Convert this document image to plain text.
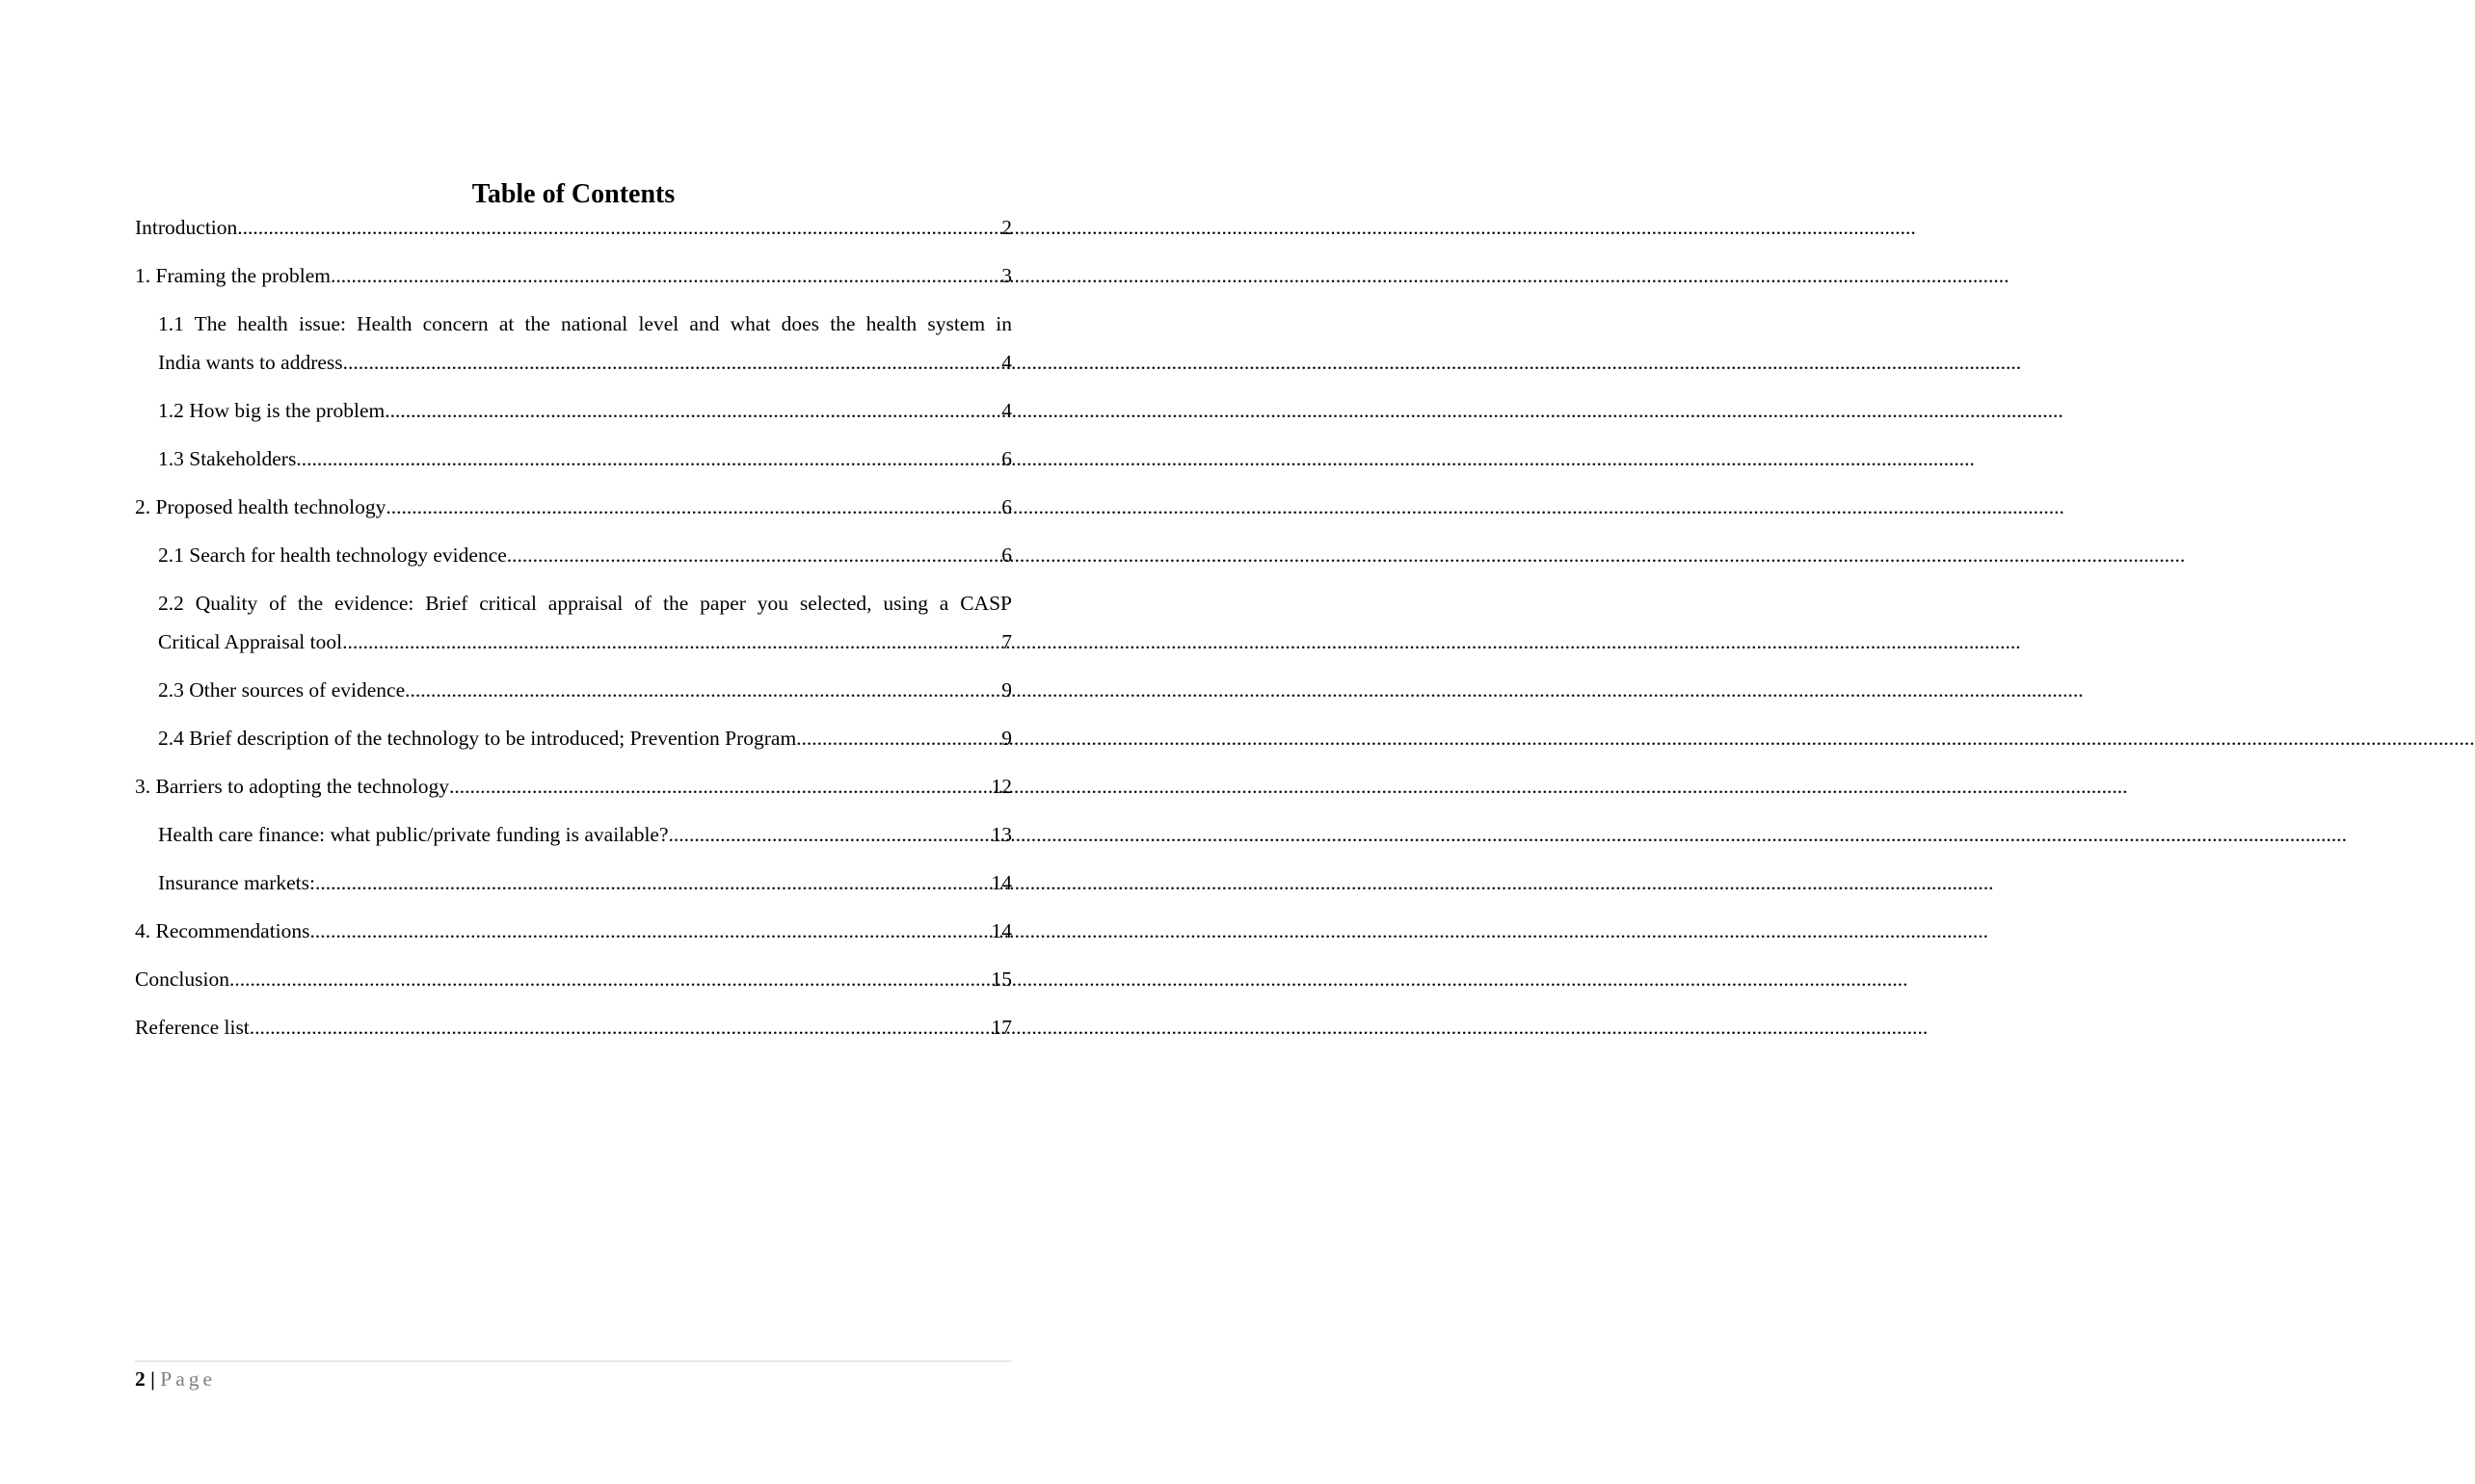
Table of Contents
Introduction .....	2
1. Framing the problem .....	3
1.1 The health issue: Health concern at the national level and what does the health system in
India wants to address .....	4
1.2 How big is the problem .....	4
1.3 Stakeholders .....	6
2. Proposed health technology .....	6
2.1 Search for health technology evidence .....	6
2.2 Quality of the evidence: Brief critical appraisal of the paper you selected, using a CASP
Critical Appraisal tool .....	7
2.3 Other sources of evidence .....	9
2.4 Brief description of the technology to be introduced; Prevention Program .....	9
3. Barriers to adopting the technology .....	12
Health care finance: what public/private funding is available? .....	13
Insurance markets: .....	14
4. Recommendations .....	14
Conclusion .....	15
Reference list .....	17
2 | Page
